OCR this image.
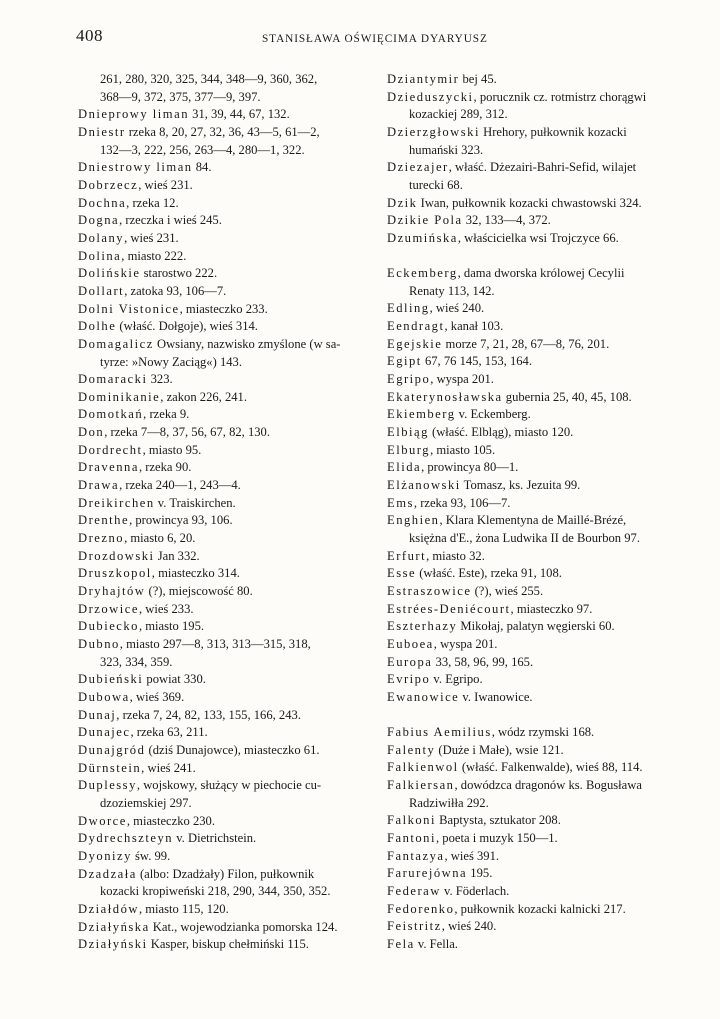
408	STANISŁAWA OŚWIĘCIMA DYARYUSZ
261, 280, 320, 325, 344, 348—9, 360, 362,
368—9, 372, 375, 377—9, 397.
Dnieprowy liman 31, 39, 44, 67, 132.
Dniestr rzeka 8, 20, 27, 32, 36, 43—5, 61—2,
132—3, 222, 256, 263—4, 280—1, 322.
Dniestrowy liman 84.
Dobrzecz, wieś 231.
Dochna, rzeka 12.
Dogna, rzeczka i wieś 245.
Dolany, wieś 231.
Dolina, miasto 222.
Dolińskie starostwo 222.
Dollart, zatoka 93, 106—7.
Dolni Vistonice, miasteczko 233.
Dolhe (właść. Dołgoje), wieś 314.
Domagalicz Owsiany, nazwisko zmyślone (w sa-
tyrze: »Nowy Zaciąg«) 143.
Domaracki 323.
Dominikanie, zakon 226, 241.
Domotkań, rzeka 9.
Don, rzeka 7—8, 37, 56, 67, 82, 130.
Dordrecht, miasto 95.
Dravenna, rzeka 90.
Drawa, rzeka 240—1, 243—4.
Dreikirchen v. Traiskirchen.
Drenthe, prowincya 93, 106.
Drezno, miasto 6, 20.
Drozdowski Jan 332.
Druszkopol, miasteczko 314.
Dryhajtów (?), miejscowość 80.
Drzowice, wieś 233.
Dubiecko, miasto 195.
Dubno, miasto 297—8, 313, 313—315, 318,
323, 334, 359.
Dubieński powiat 330.
Dubowa, wieś 369.
Dunaj, rzeka 7, 24, 82, 133, 155, 166, 243.
Dunajec, rzeka 63, 211.
Dunajgród (dziś Dunajowce), miasteczko 61.
Dürnstein, wieś 241.
Duplessy, wojskowy, służący w piechocie cu-
dzoziemskiej 297.
Dworce, miasteczko 230.
Dydrechszteyn v. Dietrichstein.
Dyonizy św. 99.
Dzadzała (albo: Dzadżały) Filon, pułkownik
kozacki kropiweński 218, 290, 344, 350, 352.
Działdów, miasto 115, 120.
Działyńska Kat., wojewodzianka pomorska 124.
Działyński Kasper, biskup chełmiński 115.
Dziantymir bej 45.
Dzieduszycki, porucznik cz. rotmistrz chorągwi
kozackiej 289, 312.
Dzierzgłowski Hrehory, pułkownik kozacki
humański 323.
Dziezajer, właść. Dżezairi-Bahri-Sefid, wilajet
turecki 68.
Dzik Iwan, pułkownik kozacki chwastowski 324.
Dzikie Pola 32, 133—4, 372.
Dzumińska, właścicielka wsi Trojczyce 66.
Eckemberg, dama dworska królowej Cecylii
Renaty 113, 142.
Edling, wieś 240.
Eendragt, kanał 103.
Egejskie morze 7, 21, 28, 67—8, 76, 201.
Egipt 67, 76 145, 153, 164.
Egripo, wyspa 201.
Ekaterynosławska gubernia 25, 40, 45, 108.
Ekiemberg v. Eckemberg.
Elbiąg (właść. Elbląg), miasto 120.
Elburg, miasto 105.
Elida, prowincya 80—1.
Elżanowski Tomasz, ks. Jezuita 99.
Ems, rzeka 93, 106—7.
Enghien, Klara Klementyna de Maillé-Brézé,
księżna d'E., żona Ludwika II de Bourbon 97.
Erfurt, miasto 32.
Esse (właść. Este), rzeka 91, 108.
Estraszowice (?), wieś 255.
Estrées-Deniécourt, miasteczko 97.
Eszterhazy Mikołaj, palatyn węgierski 60.
Euboea, wyspa 201.
Europa 33, 58, 96, 99, 165.
Evripo v. Egripo.
Ewanowice v. Iwanowice.
Fabius Aemilius, wódz rzymski 168.
Falenty (Duże i Małe), wsie 121.
Falkienwol (właść. Falkenwalde), wieś 88, 114.
Falkiersan, dowódzca dragonów ks. Bogusława
Radziwiłła 292.
Falkoni Baptysta, sztukator 208.
Fantoni, poeta i muzyk 150—1.
Fantazya, wieś 391.
Farurejówna 195.
Federaw v. Föderlach.
Fedorenko, pułkownik kozacki kalnicki 217.
Feistritz, wieś 240.
Fela v. Fella.
